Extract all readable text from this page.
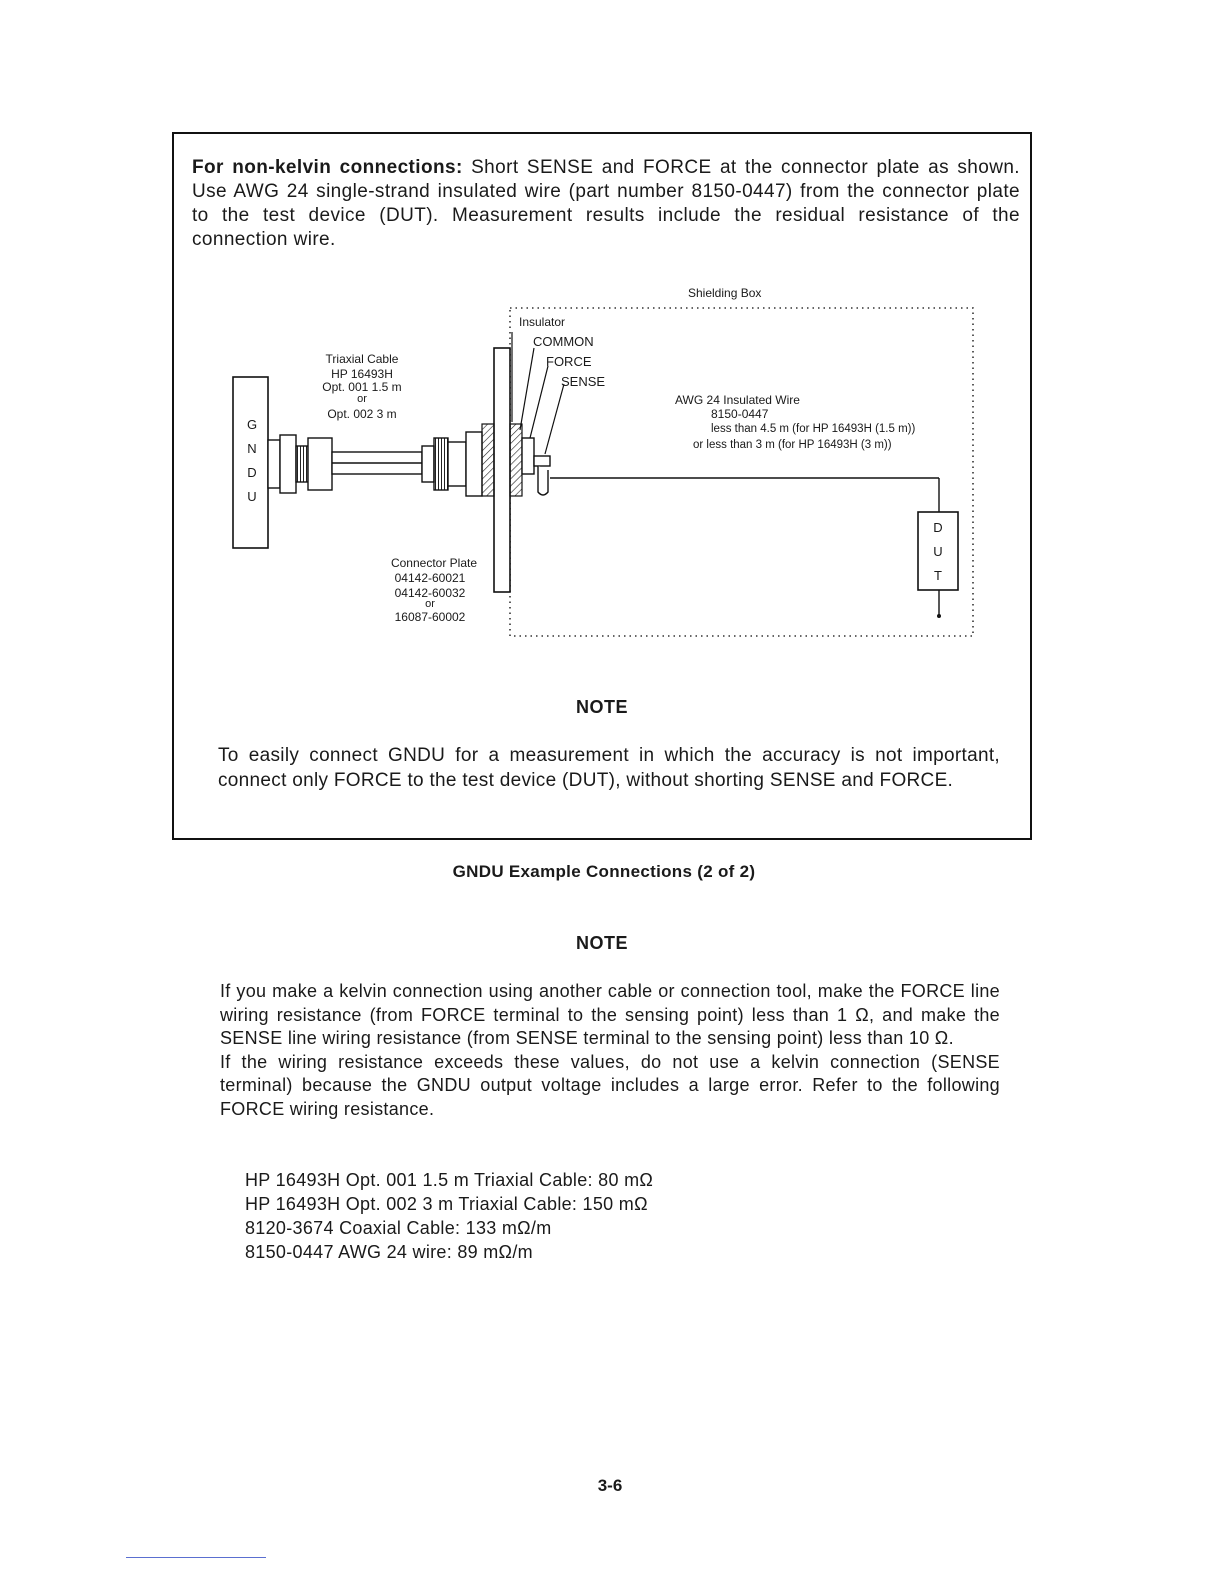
For non-kelvin connections: Short SENSE and FORCE at the connector plate as shown. Use AWG 24 single-strand insulated wire (part number 8150-0447) from the connector plate to the test device (DUT). Measurement results include the residual resistance of the connection wire.
Shielding Box
G
N
D
U
Insulator
COMMON
FORCE
SENSE
Triaxial Cable
HP 16493H
Opt. 001 1.5 m
or
Opt. 002 3 m
D
U
T
AWG 24 Insulated Wire
8150-0447
less than 4.5 m (for HP 16493H (1.5 m))
or less than 3 m (for HP 16493H (3 m))
Connector Plate
04142-60021
04142-60032
or
16087-60002
NOTE
To easily connect GNDU for a measurement in which the accuracy is not important, connect only FORCE to the test device (DUT), without shorting SENSE and FORCE.
GNDU Example Connections (2 of 2)
NOTE

If you make a kelvin connection using another cable or connection tool, make the FORCE line wiring resistance (from FORCE terminal to the sensing point) less than 1 Ω, and make the SENSE line wiring resistance (from SENSE terminal to the sensing point) less than 10 Ω.

If the wiring resistance exceeds these values, do not use a kelvin connection (SENSE terminal) because the GNDU output voltage includes a large error. Refer to the following FORCE wiring resistance.

HP 16493H Opt. 001 1.5 m Triaxial Cable: 80 mΩ
HP 16493H Opt. 002 3 m Triaxial Cable: 150 mΩ
8120-3674 Coaxial Cable: 133 mΩ/m
8150-0447 AWG 24 wire: 89 mΩ/m
3-6
